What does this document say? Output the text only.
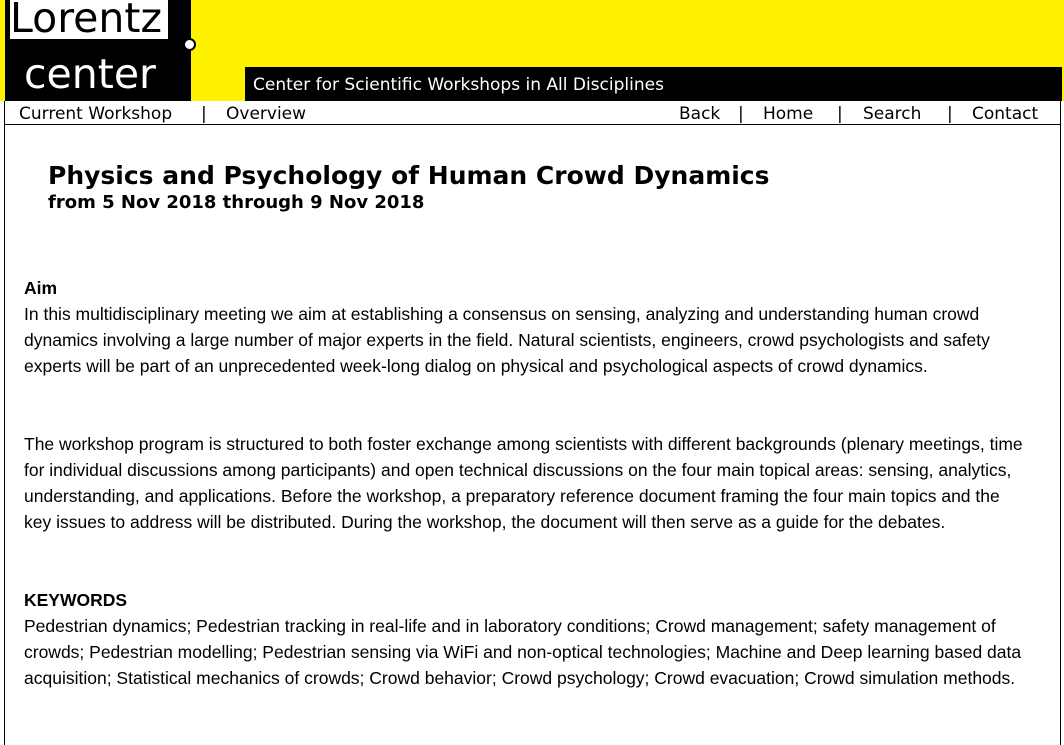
Lorentz
center	Center for Scientific Workshops in All Disciplines
Current Workshop | Overview	Back | Home | Search | Contact
Physics and Psychology of Human Crowd Dynamics
from 5 Nov 2018 through 9 Nov 2018
Aim

In this multidisciplinary meeting we aim at establishing a consensus on sensing, analyzing and understanding human crowd dynamics involving a large number of major experts in the field. Natural scientists, engineers, crowd psychologists and safety experts will be part of an unprecedented week-long dialog on physical and psychological aspects of crowd dynamics.

The workshop program is structured to both foster exchange among scientists with different backgrounds (plenary meetings, time for individual discussions among participants) and open technical discussions on the four main topical areas: sensing, analytics, understanding, and applications. Before the workshop, a preparatory reference document framing the four main topics and the key issues to address will be distributed. During the workshop, the document will then serve as a guide for the debates.

KEYWORDS

Pedestrian dynamics; Pedestrian tracking in real-life and in laboratory conditions; Crowd management; safety management of crowds; Pedestrian modelling; Pedestrian sensing via WiFi and non-optical technologies; Machine and Deep learning based data acquisition; Statistical mechanics of crowds; Crowd behavior; Crowd psychology; Crowd evacuation; Crowd simulation methods.
